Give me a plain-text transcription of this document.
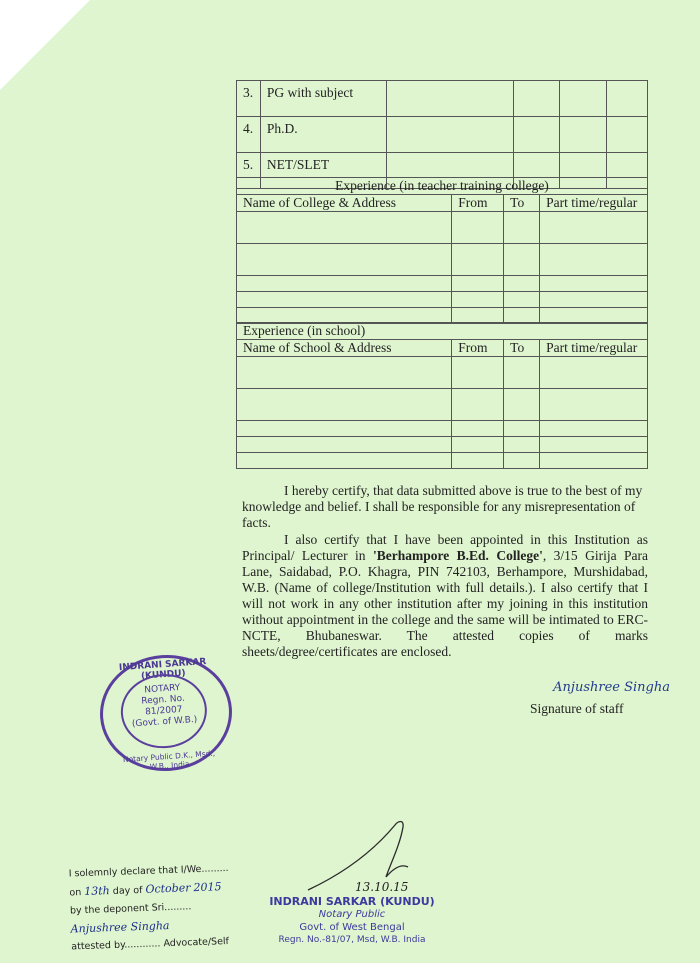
3.	PG with subject				
4.	Ph.D.				
5.	NET/SLET				
Experience (in teacher training college)			
Name of College & Address	From	To	Part time/regular

Experience (in school)			
Name of School & Address	From	To	Part time/regular

I hereby certify, that data submitted above is true to the best of my knowledge and belief. I shall be responsible for any misrepresentation of facts.

I also certify that I have been appointed in this Institution as Principal/ Lecturer in 'Berhampore B.Ed. College', 3/15 Girija Para Lane, Saidabad, P.O. Khagra, PIN 742103, Berhampore, Murshidabad, W.B. (Name of college/Institution with full details.). I also certify that I will not work in any other institution after my joining in this institution without appointment in the college and the same will be intimated to ERC-NCTE, Bhubaneswar. The attested copies of marks sheets/degree/certificates are enclosed.

Anjushree Singha
Signature of staff
INDRANI SARKAR (KUNDU)
NOTARY
Regn. No.
81/2007
(Govt. of W.B.)
Notary Public D.K., Msd., W.B., India
I solemnly declare that I/We.........
on 13th day of October 2015
by the deponent Sri.........
Anjushree Singha
attested by............ Advocate/Self
13.10.15
INDRANI SARKAR (KUNDU)
Notary Public
Govt. of West Bengal
Regn. No.-81/07, Msd, W.B. India
